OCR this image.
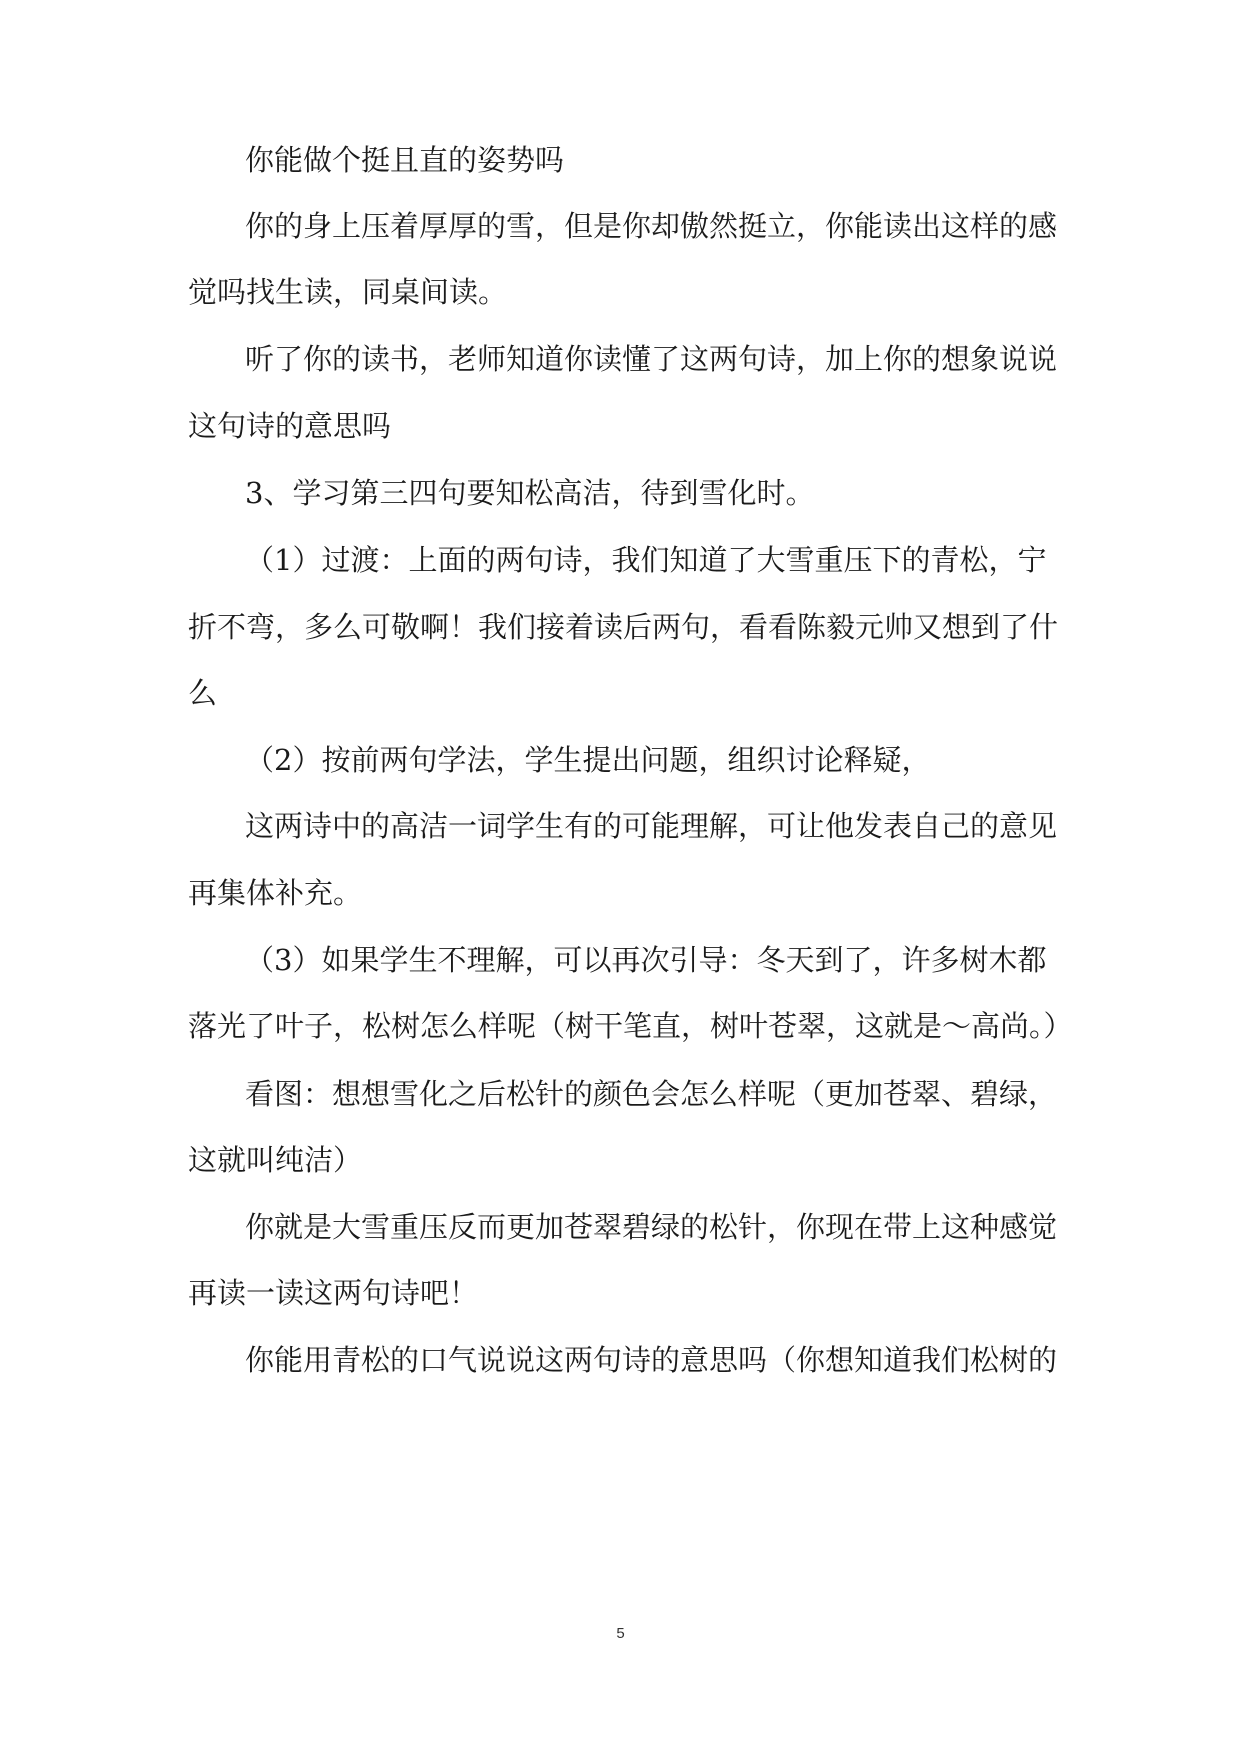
你能做个挺且直的姿势吗
你的身上压着厚厚的雪，但是你却傲然挺立，你能读出这样的感
觉吗找生读，同桌间读。
听了你的读书，老师知道你读懂了这两句诗，加上你的想象说说
这句诗的意思吗
3、学习第三四句要知松高洁，待到雪化时。
（1）过渡：上面的两句诗，我们知道了大雪重压下的青松，宁
折不弯，多么可敬啊！我们接着读后两句，看看陈毅元帅又想到了什
么
（2）按前两句学法，学生提出问题，组织讨论释疑，
这两诗中的高洁一词学生有的可能理解，可让他发表自己的意见
再集体补充。
（3）如果学生不理解，可以再次引导：冬天到了，许多树木都
落光了叶子，松树怎么样呢（树干笔直，树叶苍翠，这就是～高尚。）
看图：想想雪化之后松针的颜色会怎么样呢（更加苍翠、碧绿，
这就叫纯洁）
你就是大雪重压反而更加苍翠碧绿的松针，你现在带上这种感觉
再读一读这两句诗吧！
你能用青松的口气说说这两句诗的意思吗（你想知道我们松树的
5
